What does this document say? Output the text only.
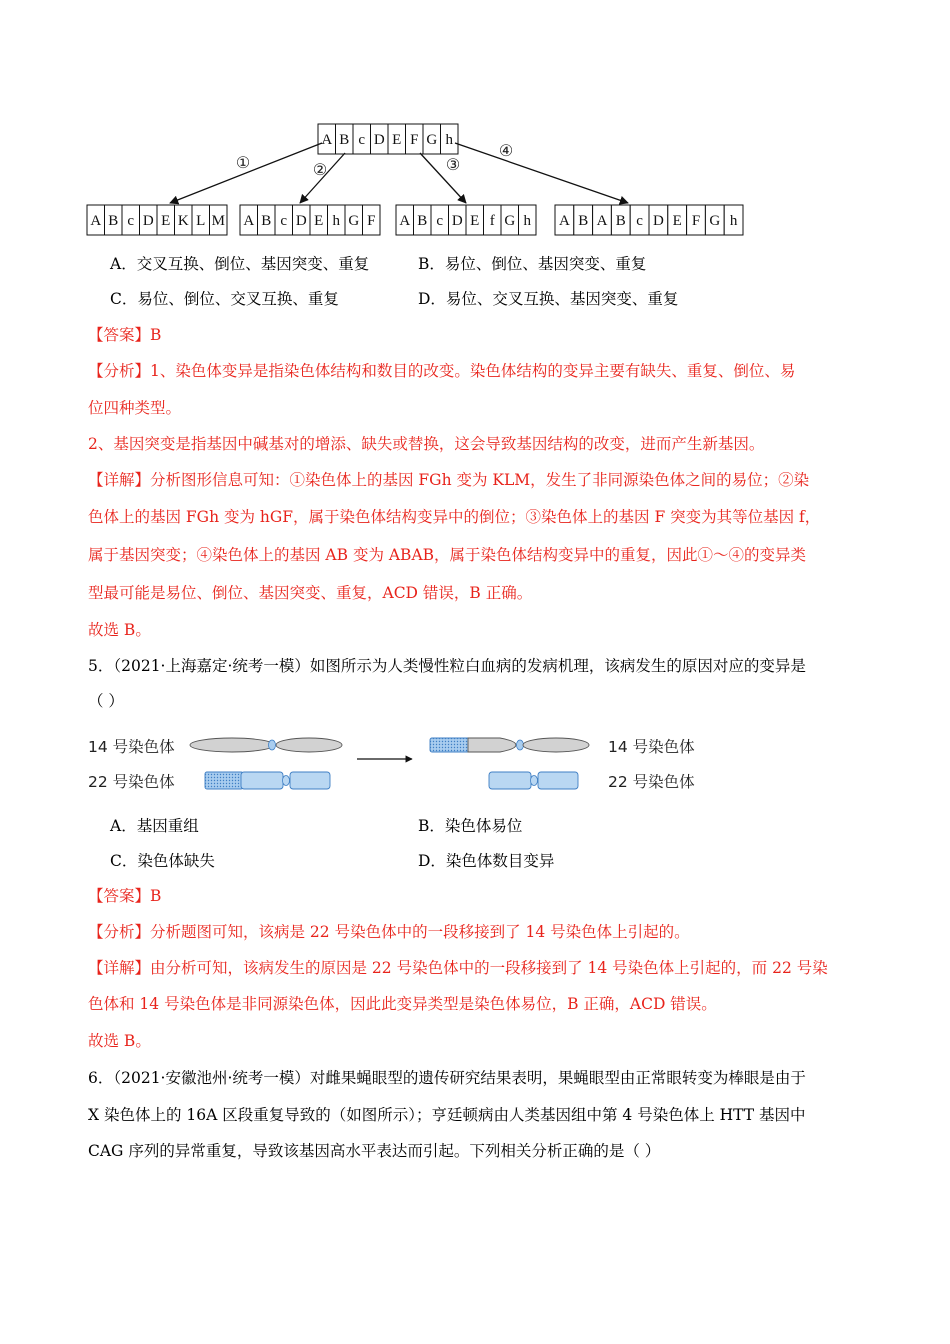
A B c D E F G h
①	②	③
④
A B c D E K L M A B c D E h G F A B c D E f G h A B A B c D E F G h
A．交叉互换、倒位、基因突变、重复	B．易位、倒位、基因突变、重复
C．易位、倒位、交叉互换、重复	D．易位、交叉互换、基因突变、重复
【答案】B
【分析】1、染色体变异是指染色体结构和数目的改变。染色体结构的变异主要有缺失、重复、倒位、易
位四种类型。
2、基因突变是指基因中碱基对的增添、缺失或替换，这会导致基因结构的改变，进而产生新基因。
【详解】分析图形信息可知：①染色体上的基因 FGh 变为 KLM，发生了非同源染色体之间的易位；②染
色体上的基因 FGh 变为 hGF，属于染色体结构变异中的倒位；③染色体上的基因 F 突变为其等位基因 f，
属于基因突变；④染色体上的基因 AB 变为 ABAB，属于染色体结构变异中的重复，因此①～④的变异类
型最可能是易位、倒位、基因突变、重复，ACD 错误，B 正确。
故选 B。
5．（2021·上海嘉定·统考一模）如图所示为人类慢性粒白血病的发病机理，该病发生的原因对应的变异是
（ ）
14 号染色体
22 号染色体
14 号染色体
22 号染色体
A．基因重组	B．染色体易位
C．染色体缺失	D．染色体数目变异
【答案】B
【分析】分析题图可知，该病是 22 号染色体中的一段移接到了 14 号染色体上引起的。
【详解】由分析可知，该病发生的原因是 22 号染色体中的一段移接到了 14 号染色体上引起的，而 22 号染
色体和 14 号染色体是非同源染色体，因此此变异类型是染色体易位，B 正确，ACD 错误。
故选 B。
6．（2021·安徽池州·统考一模）对雌果蝇眼型的遗传研究结果表明，果蝇眼型由正常眼转变为棒眼是由于
X 染色体上的 16A 区段重复导致的（如图所示）；亨廷顿病由人类基因组中第 4 号染色体上 HTT 基因中
CAG 序列的异常重复，导致该基因高水平表达而引起。下列相关分析正确的是（ ）
